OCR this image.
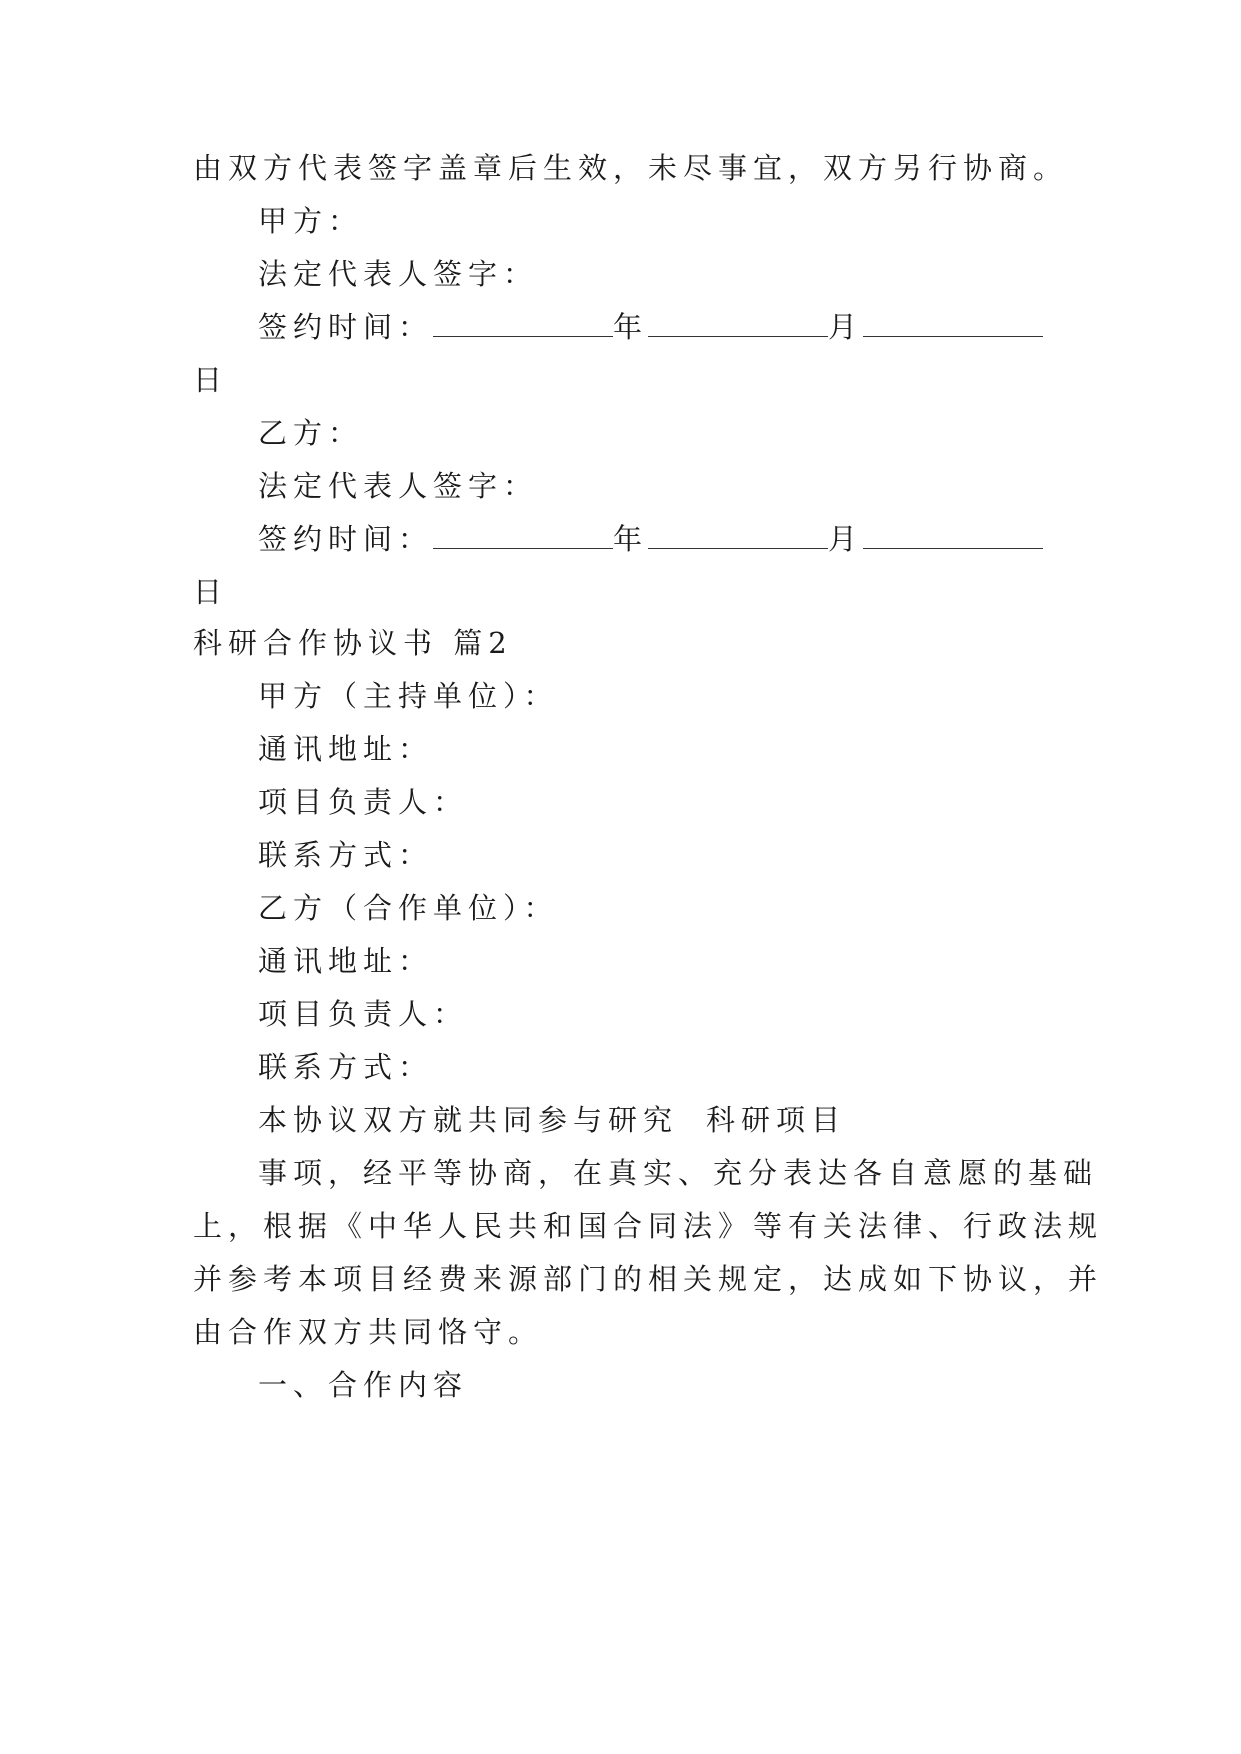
由双方代表签字盖章后生效，未尽事宜，双方另行协商。
甲方：
法定代表人签字：
签约时间：	年	月
日
乙方：
法定代表人签字：
签约时间：	年	月
日
科研合作协议书 篇2
甲方（主持单位）：
通讯地址：
项目负责人：
联系方式：
乙方（合作单位）：
通讯地址：
项目负责人：
联系方式：
本协议双方就共同参与研究 科研项目
事项，经平等协商，在真实、充分表达各自意愿的基础
上，根据《中华人民共和国合同法》等有关法律、行政法规
并参考本项目经费来源部门的相关规定，达成如下协议，并
由合作双方共同恪守。
一、合作内容
